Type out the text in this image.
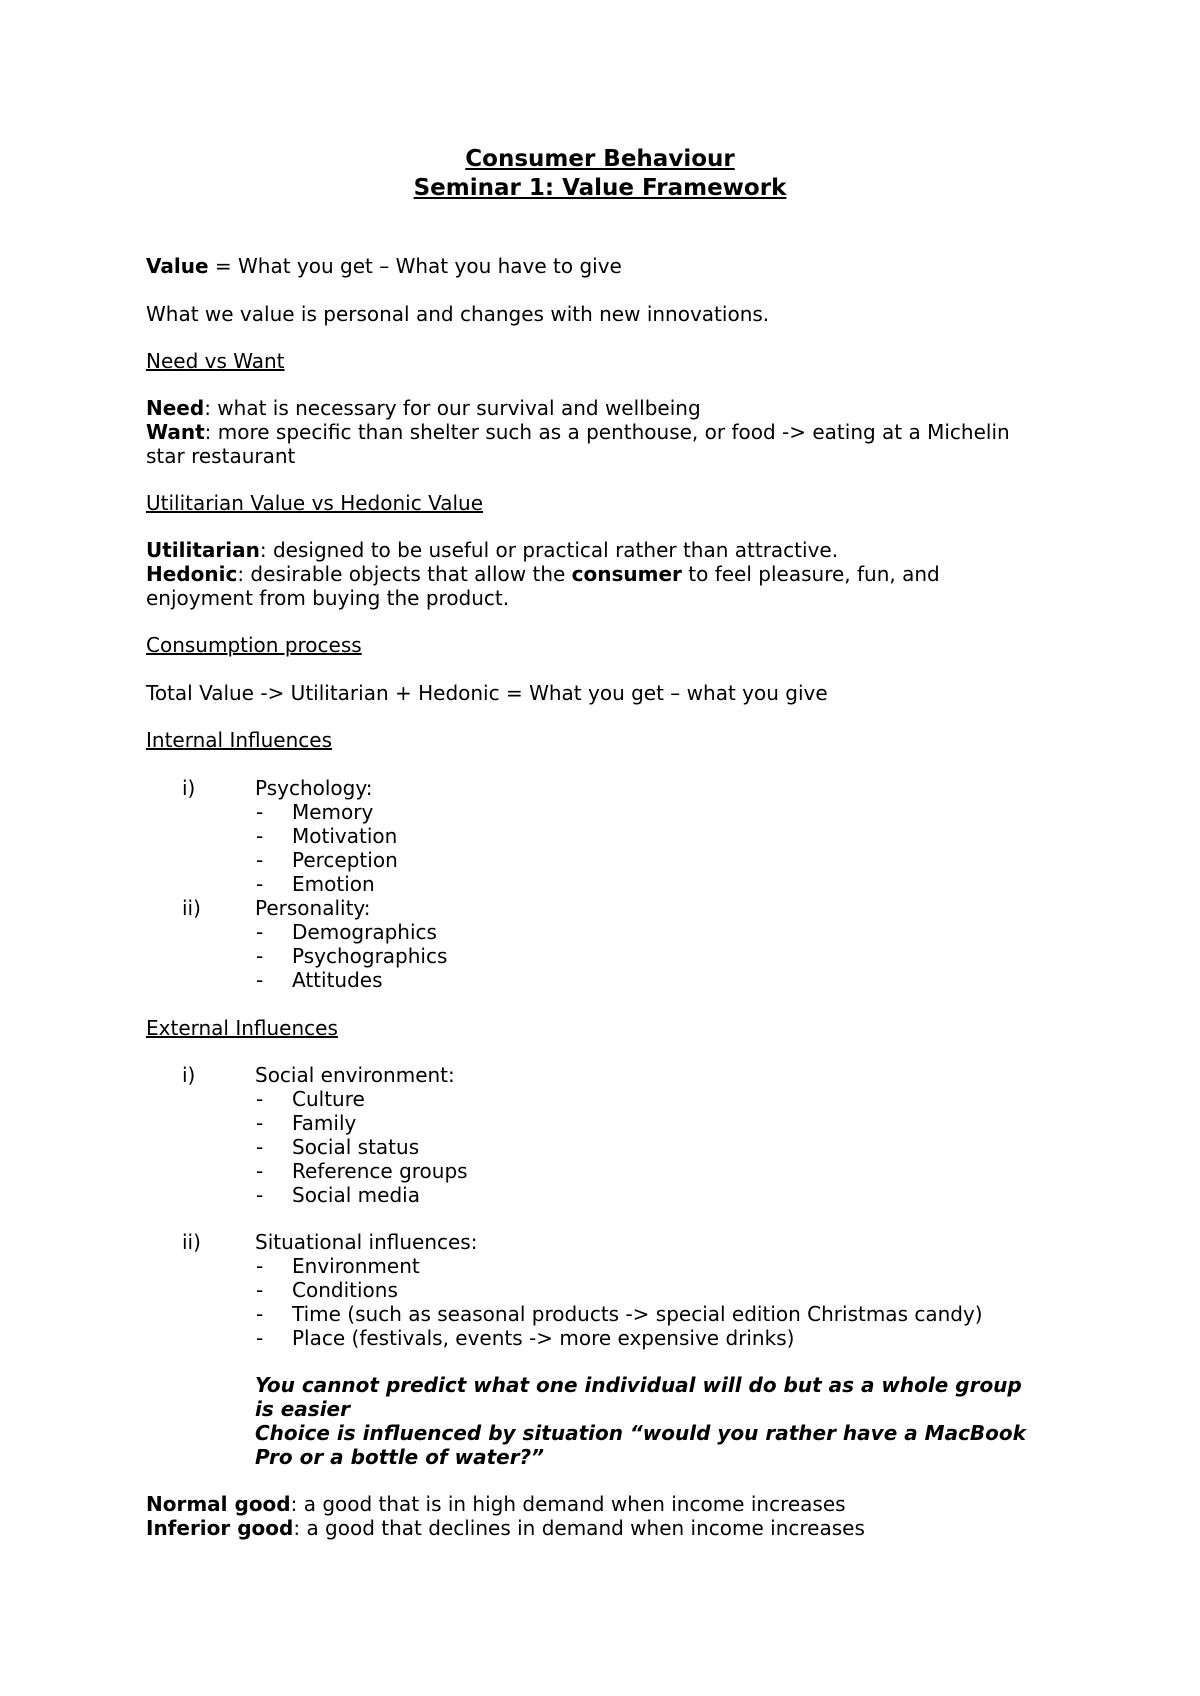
Consumer Behaviour
Seminar 1: Value Framework
Value = What you get – What you have to give
What we value is personal and changes with new innovations.
Need vs Want
Need: what is necessary for our survival and wellbeing
Want: more specific than shelter such as a penthouse, or food -> eating at a Michelin
star restaurant
Utilitarian Value vs Hedonic Value
Utilitarian: designed to be useful or practical rather than attractive.
Hedonic: desirable objects that allow the consumer to feel pleasure, fun, and
enjoyment from buying the product.
Consumption process
Total Value -> Utilitarian + Hedonic = What you get – what you give
Internal Influences
i)	Psychology:
- Memory
- Motivation
- Perception
- Emotion
ii)	Personality:
- Demographics
- Psychographics
- Attitudes
External Influences
i)	Social environment:
- Culture
- Family
- Social status
- Reference groups
- Social media
ii)	Situational influences:
- Environment
- Conditions
- Time (such as seasonal products -> special edition Christmas candy)
- Place (festivals, events -> more expensive drinks)
You cannot predict what one individual will do but as a whole group
is easier
Choice is influenced by situation “would you rather have a MacBook
Pro or a bottle of water?”
Normal good: a good that is in high demand when income increases
Inferior good: a good that declines in demand when income increases
